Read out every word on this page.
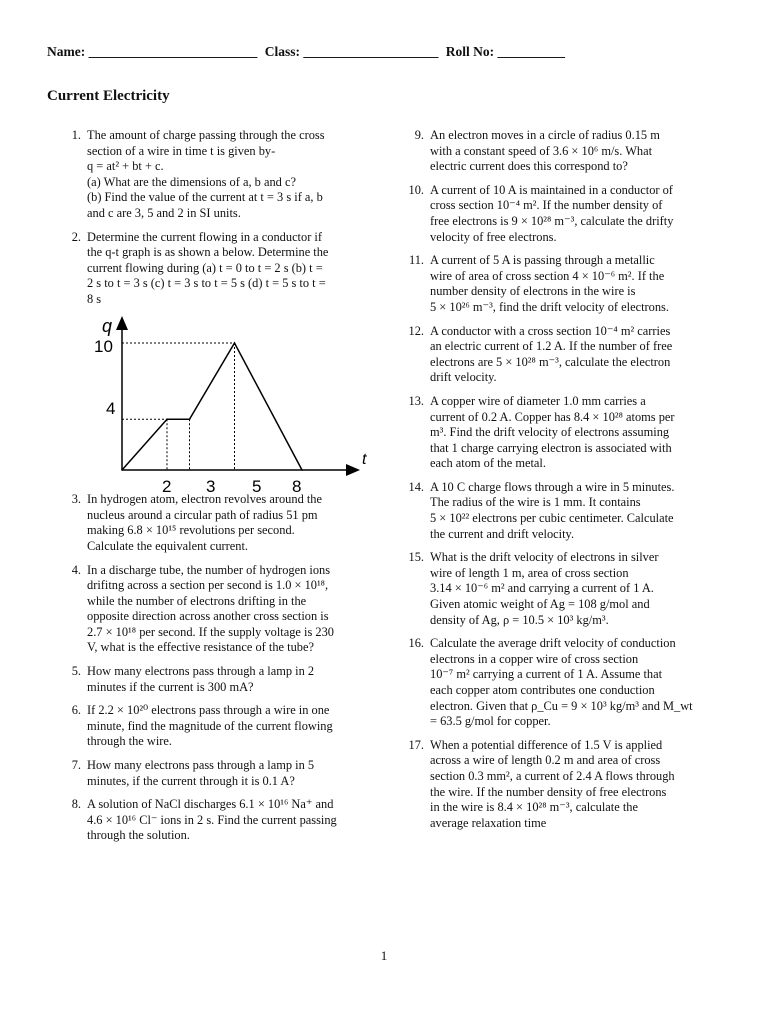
Name: _________________________ Class: ____________________ Roll No: __________
Current Electricity
1. The amount of charge passing through the cross

section of a wire in time t is given by-

q = at² + bt + c.

(a) What are the dimensions of a, b and c?

(b) Find the value of the current at t = 3 s if a, b

and c are 3, 5 and 2 in SI units.

2. Determine the current flowing in a conductor if

the q-t graph is as shown a below. Determine the

current flowing during (a) t = 0 to t = 2 s (b) t =

2 s to t = 3 s (c) t = 3 s to t = 5 s (d) t = 5 s to t =

8 s

q
t
10
4
2 3 5 8
3. In hydrogen atom, electron revolves around the

nucleus around a circular path of radius 51 pm

making 6.8 × 10¹⁵ revolutions per second.

Calculate the equivalent current.

4. In a discharge tube, the number of hydrogen ions

drifitng across a section per second is 1.0 × 10¹⁸,

while the number of electrons drifting in the

opposite direction across another cross section is

2.7 × 10¹⁸ per second. If the supply voltage is 230

V, what is the effective resistance of the tube?

5. How many electrons pass through a lamp in 2

minutes if the current is 300 mA?

6. If 2.2 × 10²⁰ electrons pass through a wire in one

minute, find the magnitude of the current flowing

through the wire.

7. How many electrons pass through a lamp in 5

minutes, if the current through it is 0.1 A?

8. A solution of NaCl discharges 6.1 × 10¹⁶ Na⁺ and

4.6 × 10¹⁶ Cl⁻ ions in 2 s. Find the current passing

through the solution.

9. An electron moves in a circle of radius 0.15 m

with a constant speed of 3.6 × 10⁶ m/s. What

electric current does this correspond to?

10. A current of 10 A is maintained in a conductor of

cross section 10⁻⁴ m². If the number density of

free electrons is 9 × 10²⁸ m⁻³, calculate the drifty

velocity of free electrons.

11. A current of 5 A is passing through a metallic

wire of area of cross section 4 × 10⁻⁶ m². If the

number density of electrons in the wire is

5 × 10²⁶ m⁻³, find the drift velocity of electrons.

12. A conductor with a cross section 10⁻⁴ m² carries

an electric current of 1.2 A. If the number of free

electrons are 5 × 10²⁸ m⁻³, calculate the electron

drift velocity.

13. A copper wire of diameter 1.0 mm carries a

current of 0.2 A. Copper has 8.4 × 10²⁸ atoms per

m³. Find the drift velocity of electrons assuming

that 1 charge carrying electron is associated with

each atom of the metal.

14. A 10 C charge flows through a wire in 5 minutes.

The radius of the wire is 1 mm. It contains

5 × 10²² electrons per cubic centimeter. Calculate

the current and drift velocity.

15. What is the drift velocity of electrons in silver

wire of length 1 m, area of cross section

3.14 × 10⁻⁶ m² and carrying a current of 1 A.

Given atomic weight of Ag = 108 g/mol and

density of Ag, ρ = 10.5 × 10³ kg/m³.

16. Calculate the average drift velocity of conduction

electrons in a copper wire of cross section

10⁻⁷ m² carrying a current of 1 A. Assume that

each copper atom contributes one conduction

electron. Given that ρ_Cu = 9 × 10³ kg/m³ and M_wt

= 63.5 g/mol for copper.

17. When a potential difference of 1.5 V is applied

across a wire of length 0.2 m and area of cross

section 0.3 mm², a current of 2.4 A flows through

the wire. If the number density of free electrons

in the wire is 8.4 × 10²⁸ m⁻³, calculate the

average relaxation time

1
